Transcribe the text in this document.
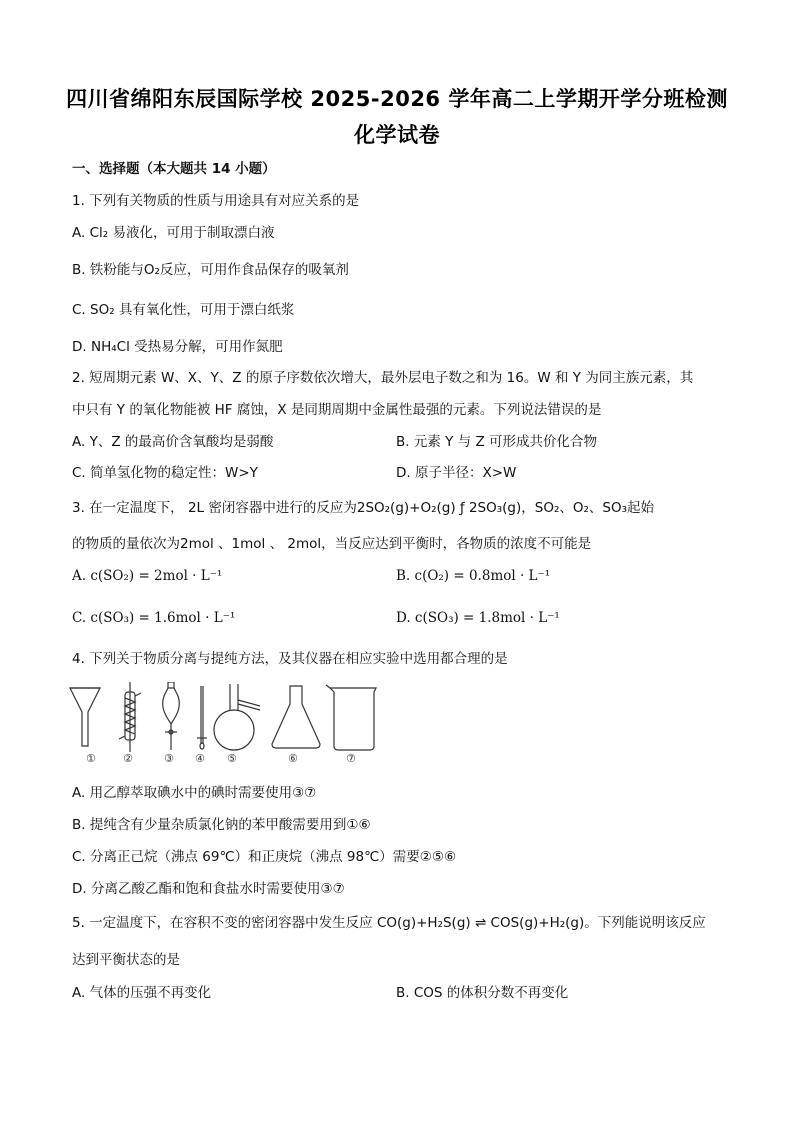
四川省绵阳东辰国际学校 2025-2026 学年高二上学期开学分班检测
化学试卷
一、选择题（本大题共 14 小题）
1. 下列有关物质的性质与用途具有对应关系的是
A. Cl₂ 易液化，可用于制取漂白液
B. 铁粉能与O₂反应，可用作食品保存的吸氧剂
C. SO₂ 具有氧化性，可用于漂白纸浆
D. NH₄Cl 受热易分解，可用作氮肥
2. 短周期元素 W、X、Y、Z 的原子序数依次增大，最外层电子数之和为 16。W 和 Y 为同主族元素，其
中只有 Y 的氧化物能被 HF 腐蚀，X 是同期周期中金属性最强的元素。下列说法错误的是
A. Y、Z 的最高价含氧酸均是弱酸	B. 元素 Y 与 Z 可形成共价化合物
C. 简单氢化物的稳定性：W>Y	D. 原子半径：X>W
3. 在一定温度下， 2L 密闭容器中进行的反应为2SO₂(g)+O₂(g) ƒ 2SO₃(g)，SO₂、O₂、SO₃起始
的物质的量依次为2mol 、1mol 、 2mol，当反应达到平衡时，各物质的浓度不可能是
A. c(SO₂) = 2mol · L⁻¹	B. c(O₂) = 0.8mol · L⁻¹
C. c(SO₃) = 1.6mol · L⁻¹	D. c(SO₃) = 1.8mol · L⁻¹
4. 下列关于物质分离与提纯方法，及其仪器在相应实验中选用都合理的是
① ②	③ ④ ⑤	⑥	⑦
A. 用乙醇萃取碘水中的碘时需要使用③⑦
B. 提纯含有少量杂质氯化钠的苯甲酸需要用到①⑥
C. 分离正己烷（沸点 69℃）和正庚烷（沸点 98℃）需要②⑤⑥
D. 分离乙酸乙酯和饱和食盐水时需要使用③⑦
5. 一定温度下，在容积不变的密闭容器中发生反应 CO(g)+H₂S(g) ⇌ COS(g)+H₂(g)。下列能说明该反应
达到平衡状态的是
A. 气体的压强不再变化	B. COS 的体积分数不再变化
